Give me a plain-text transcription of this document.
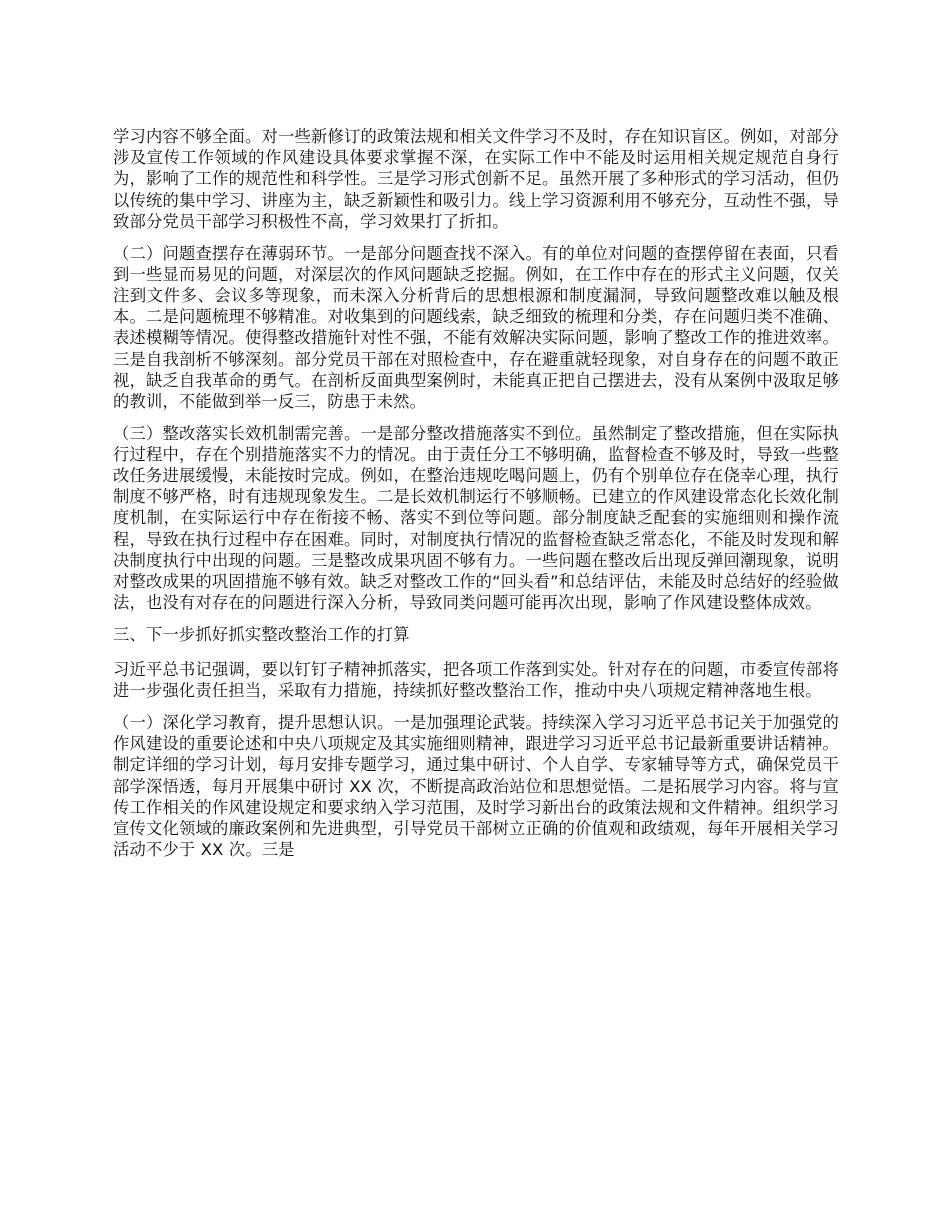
学习内容不够全面。对一些新修订的政策法规和相关文件学习不及时，存在知识盲区。例如，对部分涉及宣传工作领域的作风建设具体要求掌握不深，在实际工作中不能及时运用相关规定规范自身行为，影响了工作的规范性和科学性。三是学习形式创新不足。虽然开展了多种形式的学习活动，但仍以传统的集中学习、讲座为主，缺乏新颖性和吸引力。线上学习资源利用不够充分，互动性不强，导致部分党员干部学习积极性不高，学习效果打了折扣。

（二）问题查摆存在薄弱环节。一是部分问题查找不深入。有的单位对问题的查摆停留在表面，只看到一些显而易见的问题，对深层次的作风问题缺乏挖掘。例如，在工作中存在的形式主义问题，仅关注到文件多、会议多等现象，而未深入分析背后的思想根源和制度漏洞，导致问题整改难以触及根本。二是问题梳理不够精准。对收集到的问题线索，缺乏细致的梳理和分类，存在问题归类不准确、表述模糊等情况。使得整改措施针对性不强，不能有效解决实际问题，影响了整改工作的推进效率。三是自我剖析不够深刻。部分党员干部在对照检查中，存在避重就轻现象，对自身存在的问题不敢正视，缺乏自我革命的勇气。在剖析反面典型案例时，未能真正把自己摆进去，没有从案例中汲取足够的教训，不能做到举一反三，防患于未然。

（三）整改落实长效机制需完善。一是部分整改措施落实不到位。虽然制定了整改措施，但在实际执行过程中，存在个别措施落实不力的情况。由于责任分工不够明确，监督检查不够及时，导致一些整改任务进展缓慢，未能按时完成。例如，在整治违规吃喝问题上，仍有个别单位存在侥幸心理，执行制度不够严格，时有违规现象发生。二是长效机制运行不够顺畅。已建立的作风建设常态化长效化制度机制，在实际运行中存在衔接不畅、落实不到位等问题。部分制度缺乏配套的实施细则和操作流程，导致在执行过程中存在困难。同时，对制度执行情况的监督检查缺乏常态化，不能及时发现和解决制度执行中出现的问题。三是整改成果巩固不够有力。一些问题在整改后出现反弹回潮现象，说明对整改成果的巩固措施不够有效。缺乏对整改工作的“回头看”和总结评估，未能及时总结好的经验做法，也没有对存在的问题进行深入分析，导致同类问题可能再次出现，影响了作风建设整体成效。

三、下一步抓好抓实整改整治工作的打算

习近平总书记强调，要以钉钉子精神抓落实，把各项工作落到实处。针对存在的问题，市委宣传部将进一步强化责任担当，采取有力措施，持续抓好整改整治工作，推动中央八项规定精神落地生根。

（一）深化学习教育，提升思想认识。一是加强理论武装。持续深入学习习近平总书记关于加强党的作风建设的重要论述和中央八项规定及其实施细则精神，跟进学习习近平总书记最新重要讲话精神。制定详细的学习计划，每月安排专题学习，通过集中研讨、个人自学、专家辅导等方式，确保党员干部学深悟透，每月开展集中研讨 XX 次，不断提高政治站位和思想觉悟。二是拓展学习内容。将与宣传工作相关的作风建设规定和要求纳入学习范围，及时学习新出台的政策法规和文件精神。组织学习宣传文化领域的廉政案例和先进典型，引导党员干部树立正确的价值观和政绩观，每年开展相关学习活动不少于 XX 次。三是
